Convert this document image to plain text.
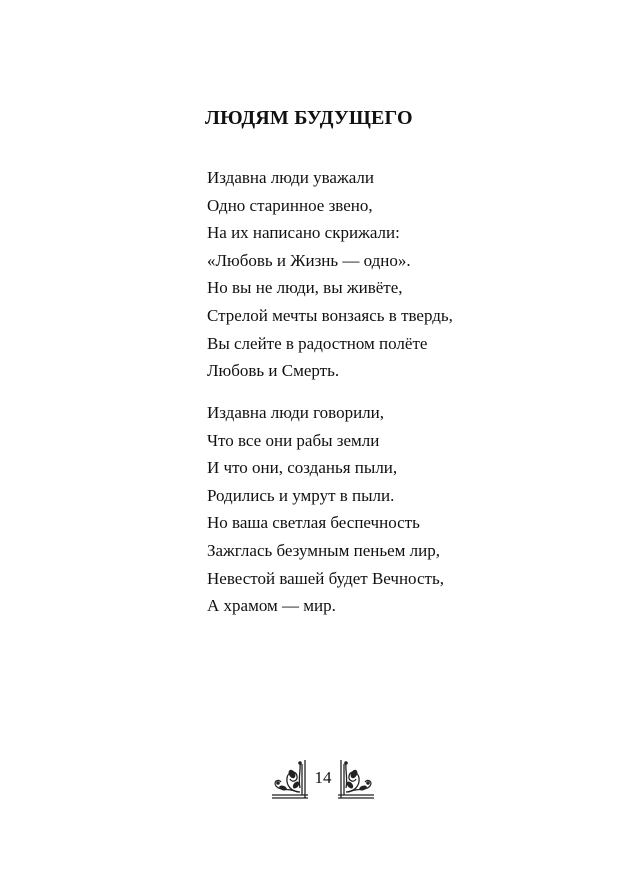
ЛЮДЯМ БУДУЩЕГО
Издавна люди уважали
Одно старинное звено,
На их написано скрижали:
«Любовь и Жизнь — одно».
Но вы не люди, вы живёте,
Стрелой мечты вонзаясь в твердь,
Вы слейте в радостном полёте
Любовь и Смерть.
Издавна люди говорили,
Что все они рабы земли
И что они, созданья пыли,
Родились и умрут в пыли.
Но ваша светлая беспечность
Зажглась безумным пеньем лир,
Невестой вашей будет Вечность,
А храмом — мир.
14
